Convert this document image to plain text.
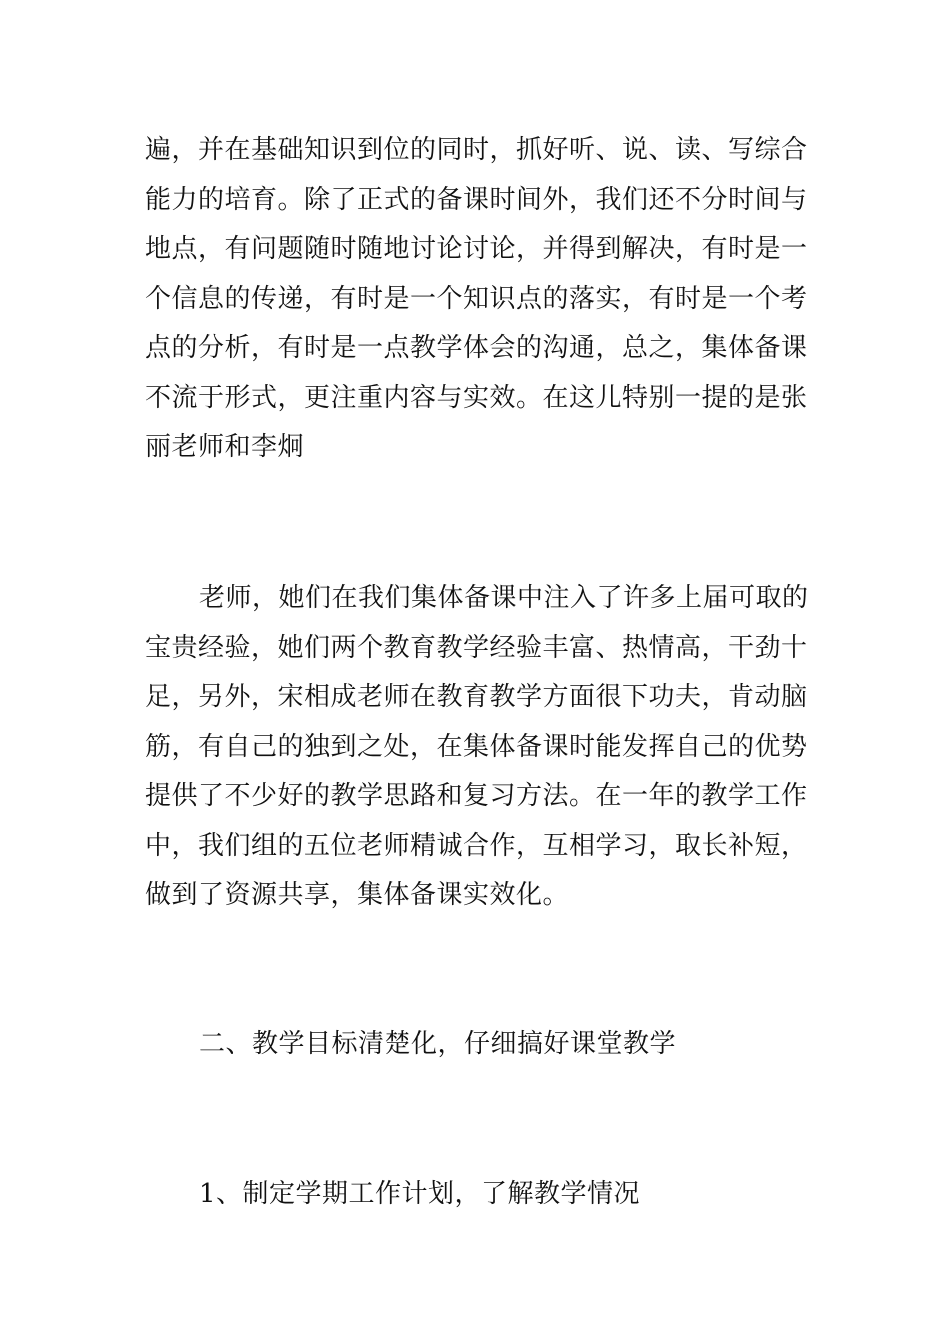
遍，并在基础知识到位的同时，抓好听、说、读、写综合能力的培育。除了正式的备课时间外，我们还不分时间与地点，有问题随时随地讨论讨论，并得到解决，有时是一个信息的传递，有时是一个知识点的落实，有时是一个考点的分析，有时是一点教学体会的沟通，总之，集体备课不流于形式，更注重内容与实效。在这儿特别一提的是张丽老师和李炯

老师，她们在我们集体备课中注入了许多上届可取的宝贵经验，她们两个教育教学经验丰富、热情高，干劲十足，另外，宋相成老师在教育教学方面很下功夫，肯动脑筋，有自己的独到之处，在集体备课时能发挥自己的优势提供了不少好的教学思路和复习方法。在一年的教学工作中，我们组的五位老师精诚合作，互相学习，取长补短，做到了资源共享，集体备课实效化。

二、教学目标清楚化，仔细搞好课堂教学

1、制定学期工作计划，了解教学情况
